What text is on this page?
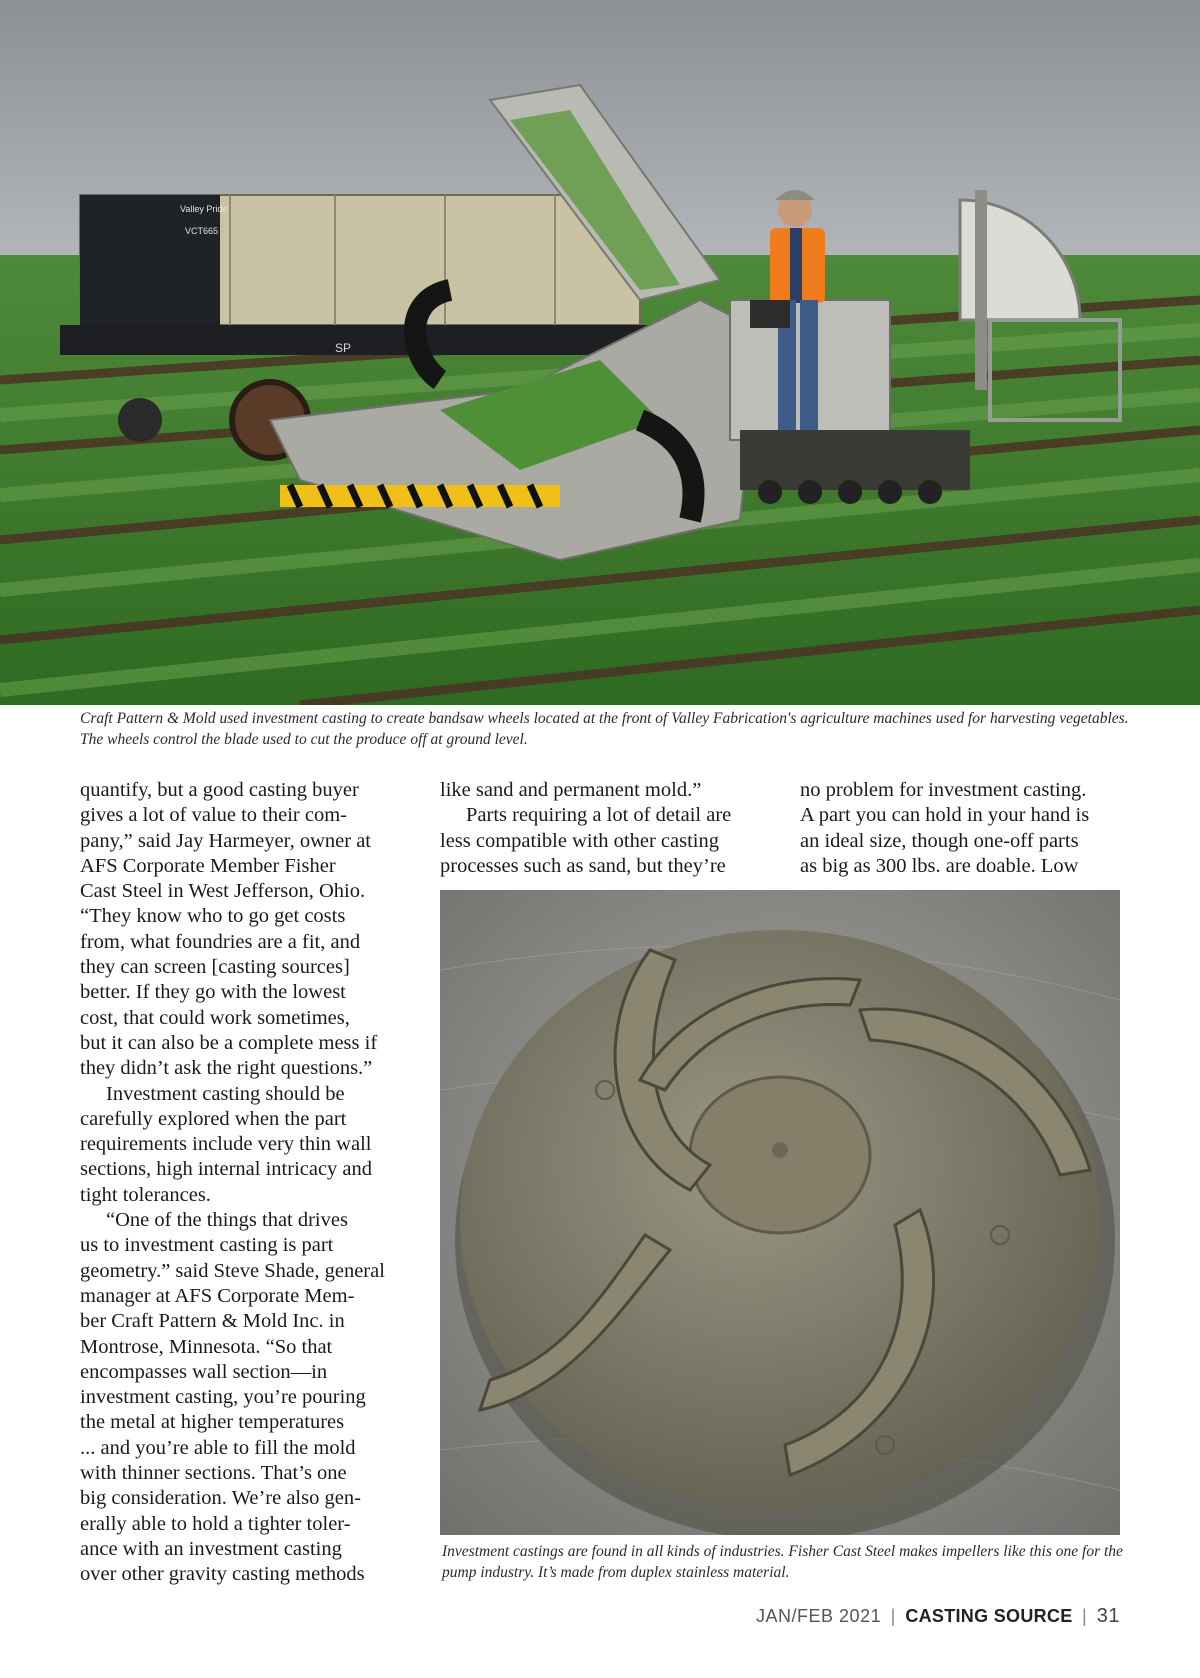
Valley Pride
VCT665
SP
Craft Pattern & Mold used investment casting to create bandsaw wheels located at the front of Valley Fabrication's agriculture machines used for harvesting vegetables. The wheels control the blade used to cut the produce off at ground level.

quantify, but a good casting buyer
gives a lot of value to their com-
pany,” said Jay Harmeyer, owner at
AFS Corporate Member Fisher
Cast Steel in West Jefferson, Ohio.
“They know who to go get costs
from, what foundries are a fit, and
they can screen [casting sources]
better. If they go with the lowest
cost, that could work sometimes,
but it can also be a complete mess if
they didn’t ask the right questions.”

Investment casting should be
carefully explored when the part
requirements include very thin wall
sections, high internal intricacy and
tight tolerances.

“One of the things that drives
us to investment casting is part
geometry.” said Steve Shade, general
manager at AFS Corporate Mem-
ber Craft Pattern & Mold Inc. in
Montrose, Minnesota. “So that
encompasses wall section—in
investment casting, you’re pouring
the metal at higher temperatures
... and you’re able to fill the mold
with thinner sections. That’s one
big consideration. We’re also gen-
erally able to hold a tighter toler-
ance with an investment casting
over other gravity casting methods

like sand and permanent mold.”

Parts requiring a lot of detail are
less compatible with other casting
processes such as sand, but they’re

no problem for investment casting.
A part you can hold in your hand is
an ideal size, though one-off parts
as big as 300 lbs. are doable. Low

Investment castings are found in all kinds of industries. Fisher Cast Steel makes impellers like this one for the pump industry. It’s made from duplex stainless material.
JAN/FEB 2021 | CASTING SOURCE | 31
